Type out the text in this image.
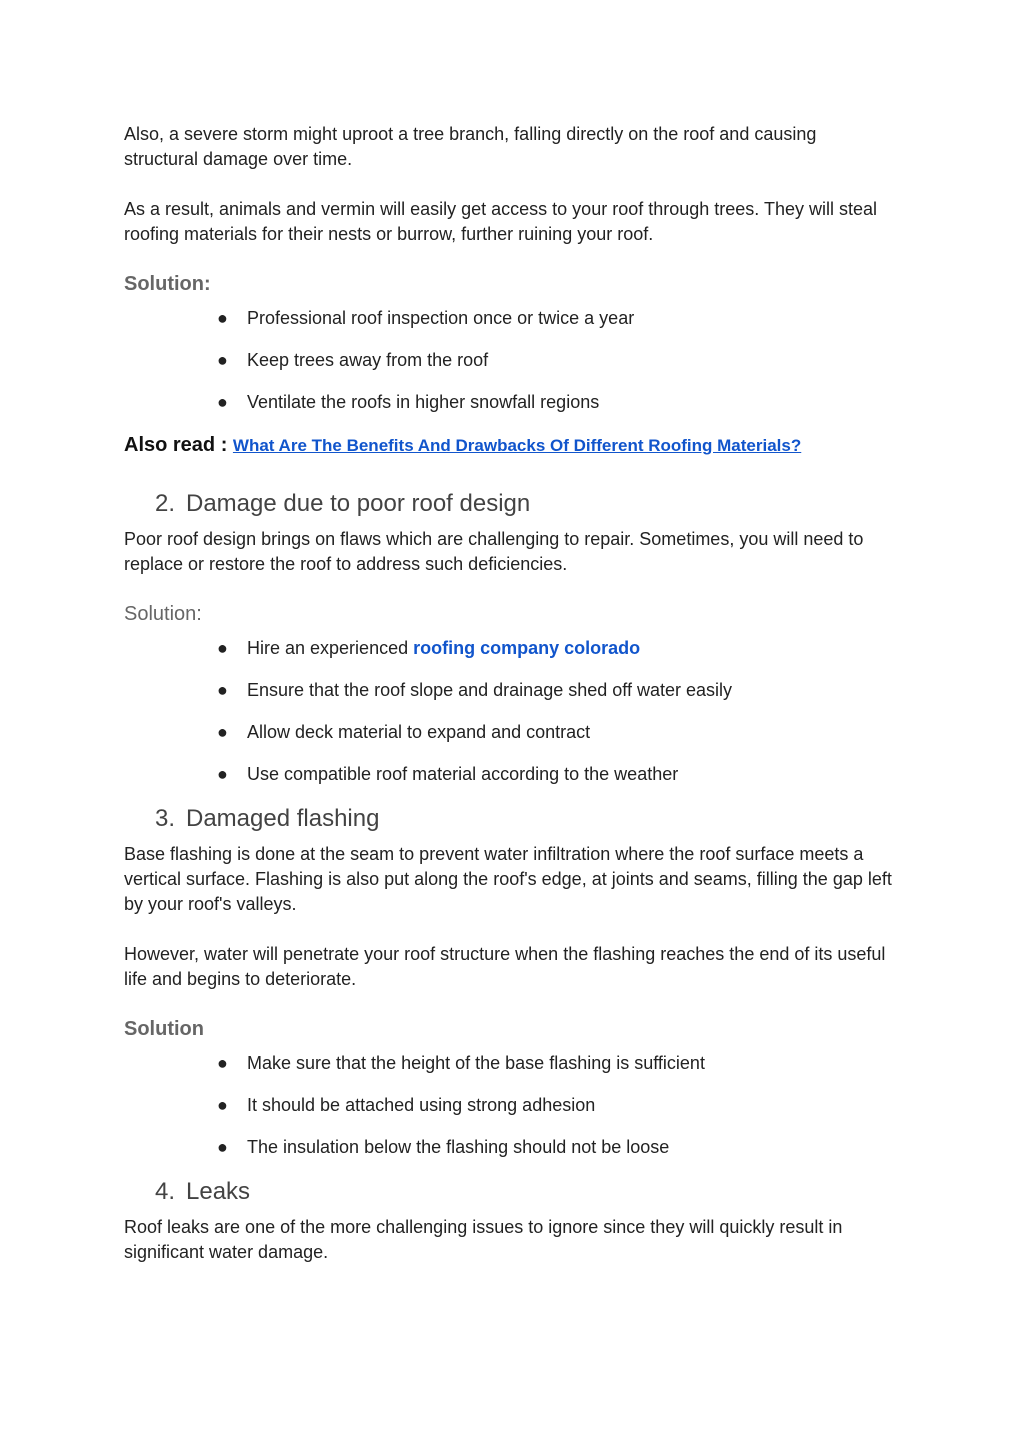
Also, a severe storm might uproot a tree branch, falling directly on the roof and causing structural damage over time.
As a result, animals and vermin will easily get access to your roof through trees. They will steal roofing materials for their nests or burrow, further ruining your roof.
Solution:
● Professional roof inspection once or twice a year
● Keep trees away from the roof
● Ventilate the roofs in higher snowfall regions
Also read : What Are The Benefits And Drawbacks Of Different Roofing Materials?
2. Damage due to poor roof design
Poor roof design brings on flaws which are challenging to repair. Sometimes, you will need to replace or restore the roof to address such deficiencies.
Solution:
● Hire an experienced roofing company colorado
● Ensure that the roof slope and drainage shed off water easily
● Allow deck material to expand and contract
● Use compatible roof material according to the weather
3. Damaged flashing
Base flashing is done at the seam to prevent water infiltration where the roof surface meets a vertical surface. Flashing is also put along the roof's edge, at joints and seams, filling the gap left by your roof's valleys.
However, water will penetrate your roof structure when the flashing reaches the end of its useful life and begins to deteriorate.
Solution
● Make sure that the height of the base flashing is sufficient
● It should be attached using strong adhesion
● The insulation below the flashing should not be loose
4. Leaks
Roof leaks are one of the more challenging issues to ignore since they will quickly result in significant water damage.
